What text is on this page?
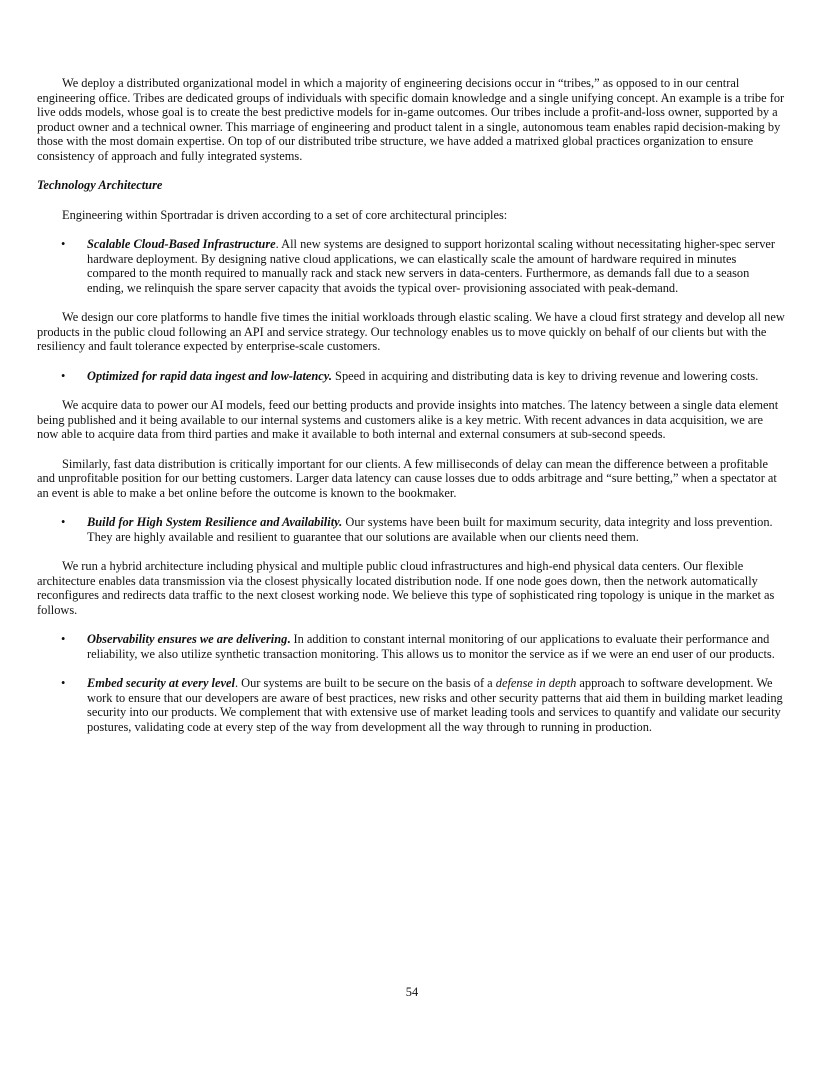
We deploy a distributed organizational model in which a majority of engineering decisions occur in “tribes,” as opposed to in our central engineering office. Tribes are dedicated groups of individuals with specific domain knowledge and a single unifying concept. An example is a tribe for live odds models, whose goal is to create the best predictive models for in-game outcomes. Our tribes include a profit-and-loss owner, supported by a product owner and a technical owner. This marriage of engineering and product talent in a single, autonomous team enables rapid decision-making by those with the most domain expertise. On top of our distributed tribe structure, we have added a matrixed global practices organization to ensure consistency of approach and fully integrated systems.

Technology Architecture

Engineering within Sportradar is driven according to a set of core architectural principles:

• Scalable Cloud-Based Infrastructure. All new systems are designed to support horizontal scaling without necessitating higher-spec server hardware deployment. By designing native cloud applications, we can elastically scale the amount of hardware required in minutes compared to the month required to manually rack and stack new servers in data-centers. Furthermore, as demands fall due to a season ending, we relinquish the spare server capacity that avoids the typical over- provisioning associated with peak-demand.

We design our core platforms to handle five times the initial workloads through elastic scaling. We have a cloud first strategy and develop all new products in the public cloud following an API and service strategy. Our technology enables us to move quickly on behalf of our clients but with the resiliency and fault tolerance expected by enterprise-scale customers.

• Optimized for rapid data ingest and low-latency. Speed in acquiring and distributing data is key to driving revenue and lowering costs.

We acquire data to power our AI models, feed our betting products and provide insights into matches. The latency between a single data element being published and it being available to our internal systems and customers alike is a key metric. With recent advances in data acquisition, we are now able to acquire data from third parties and make it available to both internal and external consumers at sub-second speeds.

Similarly, fast data distribution is critically important for our clients. A few milliseconds of delay can mean the difference between a profitable and unprofitable position for our betting customers. Larger data latency can cause losses due to odds arbitrage and “sure betting,” when a spectator at an event is able to make a bet online before the outcome is known to the bookmaker.

• Build for High System Resilience and Availability. Our systems have been built for maximum security, data integrity and loss prevention. They are highly available and resilient to guarantee that our solutions are available when our clients need them.

We run a hybrid architecture including physical and multiple public cloud infrastructures and high-end physical data centers. Our flexible architecture enables data transmission via the closest physically located distribution node. If one node goes down, then the network automatically reconfigures and redirects data traffic to the next closest working node. We believe this type of sophisticated ring topology is unique in the market as follows.

• Observability ensures we are delivering. In addition to constant internal monitoring of our applications to evaluate their performance and reliability, we also utilize synthetic transaction monitoring. This allows us to monitor the service as if we were an end user of our products.
• Embed security at every level. Our systems are built to be secure on the basis of a defense in depth approach to software development. We work to ensure that our developers are aware of best practices, new risks and other security patterns that aid them in building market leading security into our products. We complement that with extensive use of market leading tools and services to quantify and validate our security postures, validating code at every step of the way from development all the way through to running in production.
54
